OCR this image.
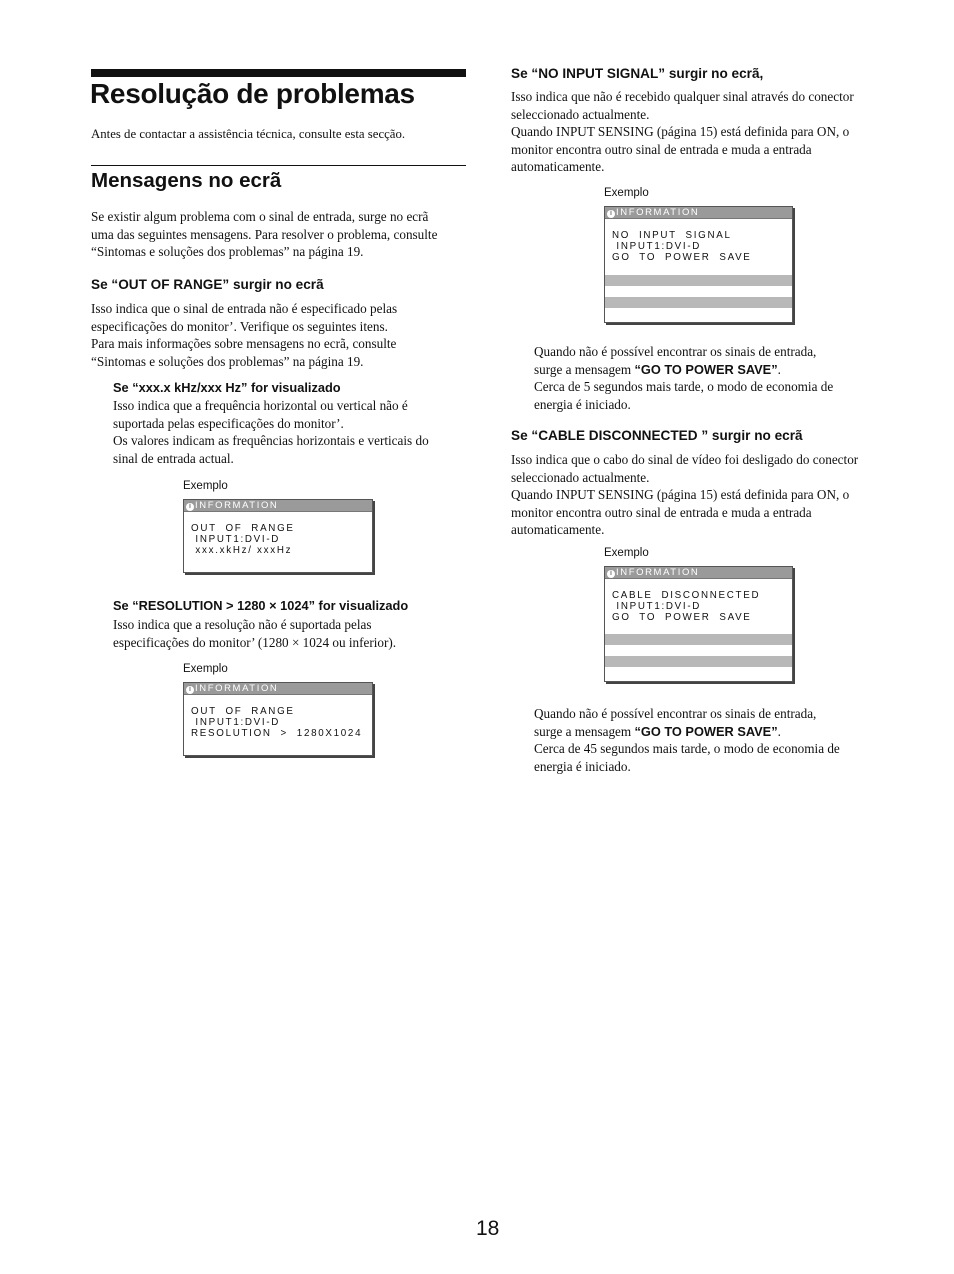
Resolução de problemas

Antes de contactar a assistência técnica, consulte esta secção.

Mensagens no ecrã
Se existir algum problema com o sinal de entrada, surge no ecrã
uma das seguintes mensagens. Para resolver o problema, consulte
“Sintomas e soluções dos problemas” na página 19.
Se “OUT OF RANGE” surgir no ecrã
Isso indica que o sinal de entrada não é especificado pelas
especificações do monitor’. Verifique os seguintes itens.
Para mais informações sobre mensagens no ecrã, consulte
“Sintomas e soluções dos problemas” na página 19.
Se “xxx.x kHz/xxx Hz” for visualizado
Isso indica que a frequência horizontal ou vertical não é
suportada pelas especificações do monitor’.
Os valores indicam as frequências horizontais e verticais do
sinal de entrada actual.
Exemplo
i INFORMATION
OUT  OF  RANGE
INPUT1:DVI-D
xxx.xkHz/ xxxHz
Se “RESOLUTION > 1280 × 1024” for visualizado
Isso indica que a resolução não é suportada pelas
especificações do monitor’ (1280 × 1024 ou inferior).
Exemplo
i INFORMATION
OUT  OF  RANGE
INPUT1:DVI-D
RESOLUTION  >  1280X1024
Se “NO INPUT SIGNAL” surgir no ecrã,
Isso indica que não é recebido qualquer sinal através do conector
seleccionado actualmente.
Quando INPUT SENSING (página 15) está definida para ON, o
monitor encontra outro sinal de entrada e muda a entrada
automaticamente.
Exemplo
i INFORMATION
NO  INPUT  SIGNAL
INPUT1:DVI-D
GO  TO  POWER  SAVE
Quando não é possível encontrar os sinais de entrada,
surge a mensagem “GO TO POWER SAVE”.
Cerca de 5 segundos mais tarde, o modo de economia de
energia é iniciado.
Se “CABLE DISCONNECTED ” surgir no ecrã
Isso indica que o cabo do sinal de vídeo foi desligado do conector
seleccionado actualmente.
Quando INPUT SENSING (página 15) está definida para ON, o
monitor encontra outro sinal de entrada e muda a entrada
automaticamente.
Exemplo
i INFORMATION
CABLE  DISCONNECTED
INPUT1:DVI-D
GO  TO  POWER  SAVE
Quando não é possível encontrar os sinais de entrada,
surge a mensagem “GO TO POWER SAVE”.
Cerca de 45 segundos mais tarde, o modo de economia de
energia é iniciado.
18
